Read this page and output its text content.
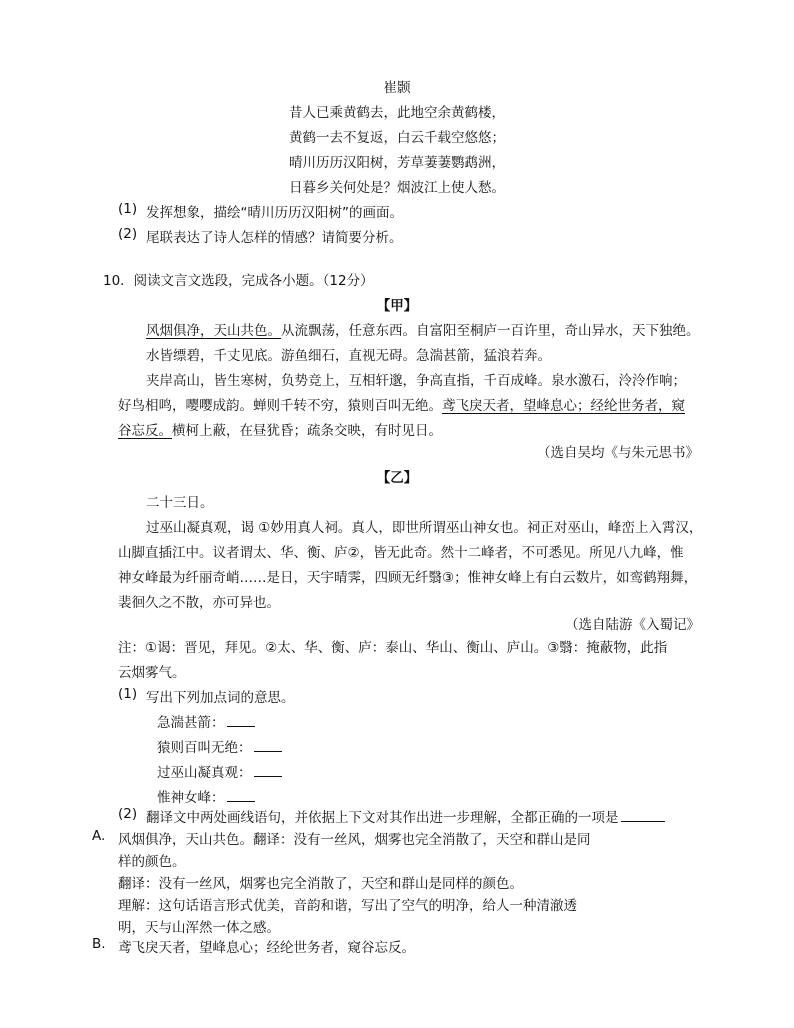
崔颢
昔人已乘黄鹤去，此地空余黄鹤楼，
黄鹤一去不复返，白云千载空悠悠；
晴川历历汉阳树，芳草萋萋鹦鹉洲，
日暮乡关何处是？烟波江上使人愁。
(1) 发挥想象，描绘“晴川历历汉阳树”的画面。
(2) 尾联表达了诗人怎样的情感？请简要分析。
10．阅读文言文选段，完成各小题。（12分）
【甲】
风烟俱净，天山共色。从流飘荡，任意东西。自富阳至桐庐一百许里，奇山异水，天下独绝。
水皆缥碧，千丈见底。游鱼细石，直视无碍。急湍甚箭，猛浪若奔。
夹岸高山，皆生寒树，负势竞上，互相轩邈，争高直指，千百成峰。泉水激石，泠泠作响；
好鸟相鸣，嘤嘤成韵。蝉则千转不穷，猿则百叫无绝。鸢飞戾天者，望峰息心；经纶世务者，窥
谷忘反。横柯上蔽，在昼犹昏；疏条交映，有时见日。
（选自吴均《与朱元思书》
【乙】
二十三日。
过巫山凝真观，谒 ①妙用真人祠。真人，即世所谓巫山神女也。祠正对巫山，峰峦上入霄汉，
山脚直插江中。议者谓太、华、衡、庐②，皆无此奇。然十二峰者，不可悉见。所见八九峰，惟
神女峰最为纤丽奇峭……是日，天宇晴霁，四顾无纤翳③；惟神女峰上有白云数片，如鸾鹤翔舞，
裴徊久之不散，亦可异也。
（选自陆游《入蜀记》
注：①谒：晋见，拜见。②太、华、衡、庐：泰山、华山、衡山、庐山。③翳：掩蔽物，此指
云烟雾气。
(1) 写出下列加点词的意思。
急湍甚箭：
猿则百叫无绝：
过巫山凝真观：
惟神女峰：
(2) 翻译文中两处画线语句，并依据上下文对其作出进一步理解，全都正确的一项是
A. 风烟俱净，天山共色。翻译：没有一丝风，烟雾也完全消散了，天空和群山是同
样的颜色。
翻译：没有一丝风，烟雾也完全消散了，天空和群山是同样的颜色。
理解：这句话语言形式优美，音韵和谐，写出了空气的明净，给人一种清澈透
明，天与山浑然一体之感。
B. 鸢飞戾天者，望峰息心；经纶世务者，窥谷忘反。
